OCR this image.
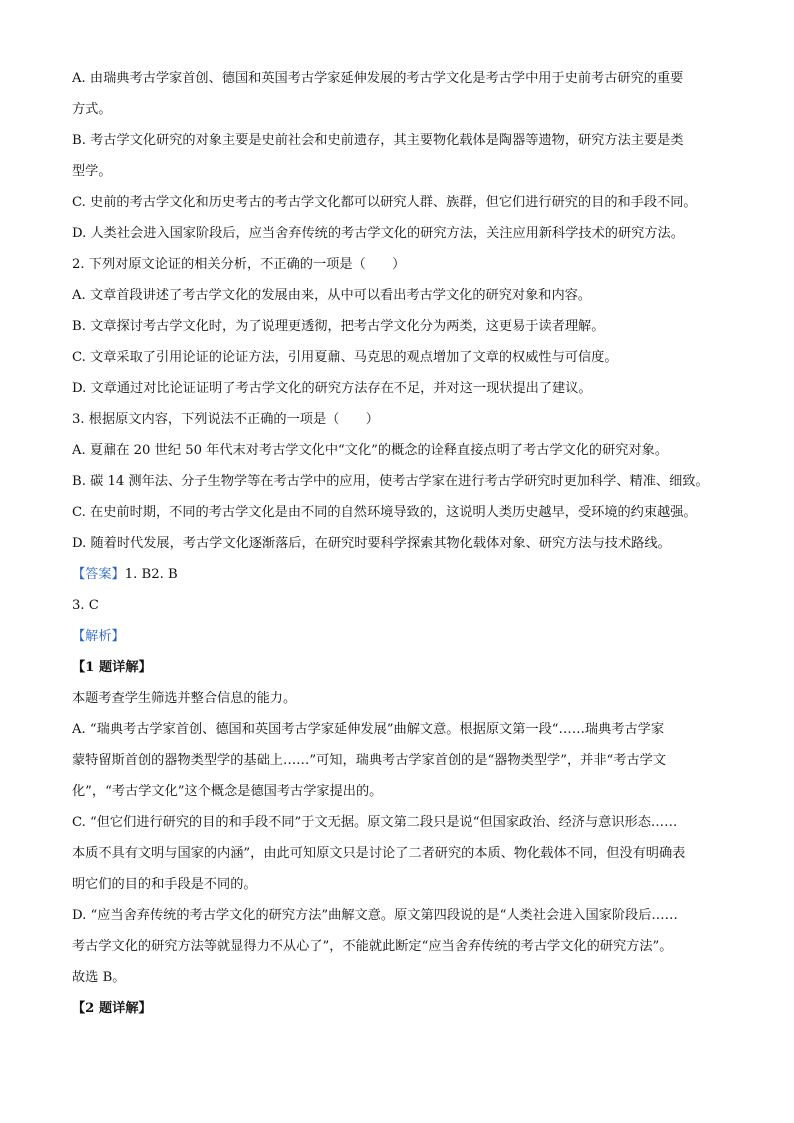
A. 由瑞典考古学家首创、德国和英国考古学家延伸发展的考古学文化是考古学中用于史前考古研究的重要
方式。
B. 考古学文化研究的对象主要是史前社会和史前遗存，其主要物化载体是陶器等遗物，研究方法主要是类
型学。
C. 史前的考古学文化和历史考古的考古学文化都可以研究人群、族群，但它们进行研究的目的和手段不同。
D. 人类社会进入国家阶段后，应当舍弃传统的考古学文化的研究方法，关注应用新科学技术的研究方法。
2. 下列对原文论证的相关分析，不正确的一项是（　　）
A. 文章首段讲述了考古学文化的发展由来，从中可以看出考古学文化的研究对象和内容。
B. 文章探讨考古学文化时，为了说理更透彻，把考古学文化分为两类，这更易于读者理解。
C. 文章采取了引用论证的论证方法，引用夏鼐、马克思的观点增加了文章的权威性与可信度。
D. 文章通过对比论证证明了考古学文化的研究方法存在不足，并对这一现状提出了建议。
3. 根据原文内容，下列说法不正确的一项是（　　）
A. 夏鼐在 20 世纪 50 年代末对考古学文化中“文化”的概念的诠释直接点明了考古学文化的研究对象。
B. 碳 14 测年法、分子生物学等在考古学中的应用，使考古学家在进行考古学研究时更加科学、精准、细致。
C. 在史前时期，不同的考古学文化是由不同的自然环境导致的，这说明人类历史越早，受环境的约束越强。
D. 随着时代发展，考古学文化逐渐落后，在研究时要科学探索其物化载体对象、研究方法与技术路线。
【答案】1. B2. B
3. C
【解析】
【1 题详解】
本题考查学生筛选并整合信息的能力。
A. “瑞典考古学家首创、德国和英国考古学家延伸发展”曲解文意。根据原文第一段“……瑞典考古学家
蒙特留斯首创的器物类型学的基础上……”可知，瑞典考古学家首创的是“器物类型学”，并非“考古学文
化”，“考古学文化”这个概念是德国考古学家提出的。
C. “但它们进行研究的目的和手段不同”于文无据。原文第二段只是说“但国家政治、经济与意识形态……
本质不具有文明与国家的内涵”，由此可知原文只是讨论了二者研究的本质、物化载体不同，但没有明确表
明它们的目的和手段是不同的。
D. “应当舍弃传统的考古学文化的研究方法”曲解文意。原文第四段说的是“人类社会进入国家阶段后……
考古学文化的研究方法等就显得力不从心了”，不能就此断定“应当舍弃传统的考古学文化的研究方法”。
故选 B。
【2 题详解】
